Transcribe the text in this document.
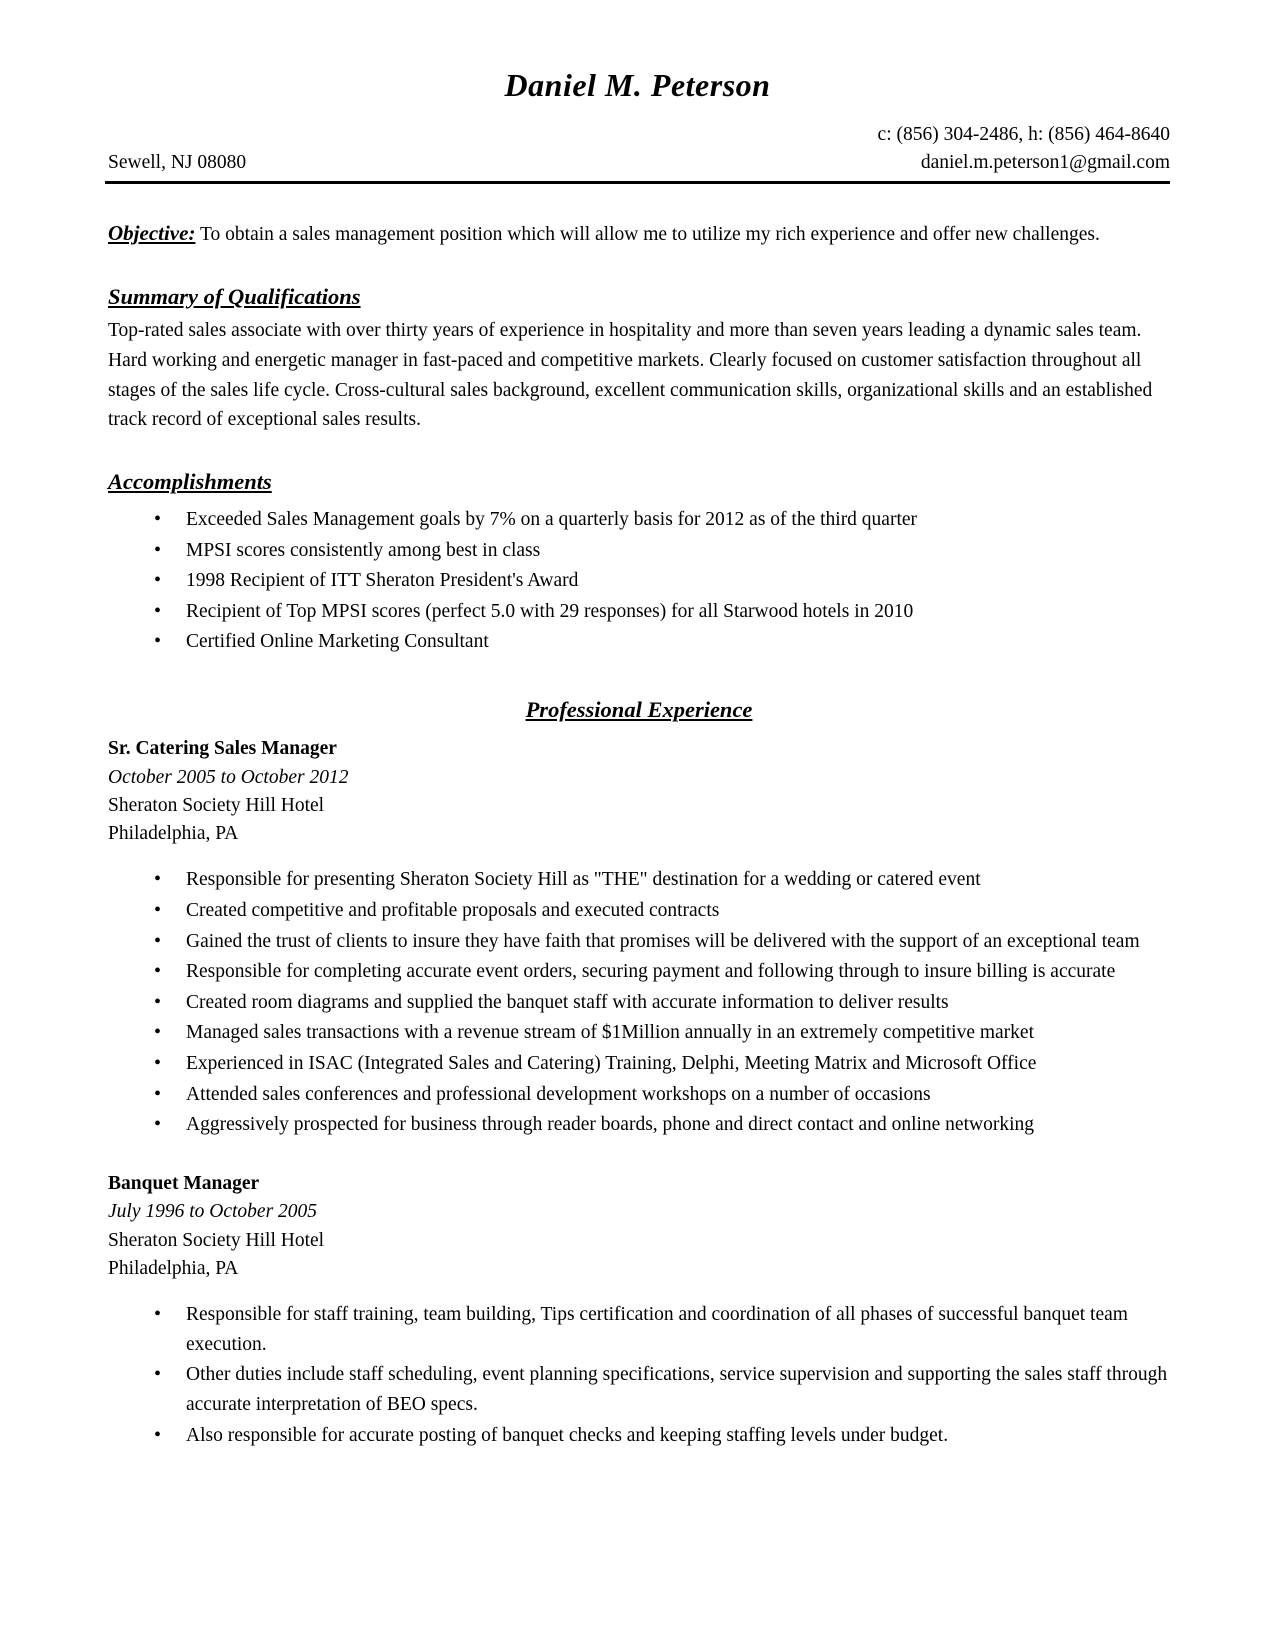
Daniel M. Peterson
c: (856) 304-2486, h: (856) 464-8640
daniel.m.peterson1@gmail.com
Sewell, NJ 08080

Objective: To obtain a sales management position which will allow me to utilize my rich experience and offer new challenges.

Summary of Qualifications

Top-rated sales associate with over thirty years of experience in hospitality and more than seven years leading a dynamic sales team. Hard working and energetic manager in fast-paced and competitive markets. Clearly focused on customer satisfaction throughout all stages of the sales life cycle. Cross-cultural sales background, excellent communication skills, organizational skills and an established track record of exceptional sales results.

Accomplishments
• Exceeded Sales Management goals by 7% on a quarterly basis for 2012 as of the third quarter
• MPSI scores consistently among best in class
• 1998 Recipient of ITT Sheraton President's Award
• Recipient of Top MPSI scores (perfect 5.0 with 29 responses) for all Starwood hotels in 2010
• Certified Online Marketing Consultant
Professional Experience
Sr. Catering Sales Manager
October 2005 to October 2012
Sheraton Society Hill Hotel
Philadelphia, PA
• Responsible for presenting Sheraton Society Hill as "THE" destination for a wedding or catered event
• Created competitive and profitable proposals and executed contracts
• Gained the trust of clients to insure they have faith that promises will be delivered with the support of an exceptional team
• Responsible for completing accurate event orders, securing payment and following through to insure billing is accurate
• Created room diagrams and supplied the banquet staff with accurate information to deliver results
• Managed sales transactions with a revenue stream of $1Million annually in an extremely competitive market
• Experienced in ISAC (Integrated Sales and Catering) Training, Delphi, Meeting Matrix and Microsoft Office
• Attended sales conferences and professional development workshops on a number of occasions
• Aggressively prospected for business through reader boards, phone and direct contact and online networking
Banquet Manager
July 1996 to October 2005
Sheraton Society Hill Hotel
Philadelphia, PA
• Responsible for staff training, team building, Tips certification and coordination of all phases of successful banquet team execution.
• Other duties include staff scheduling, event planning specifications, service supervision and supporting the sales staff through accurate interpretation of BEO specs.
• Also responsible for accurate posting of banquet checks and keeping staffing levels under budget.
